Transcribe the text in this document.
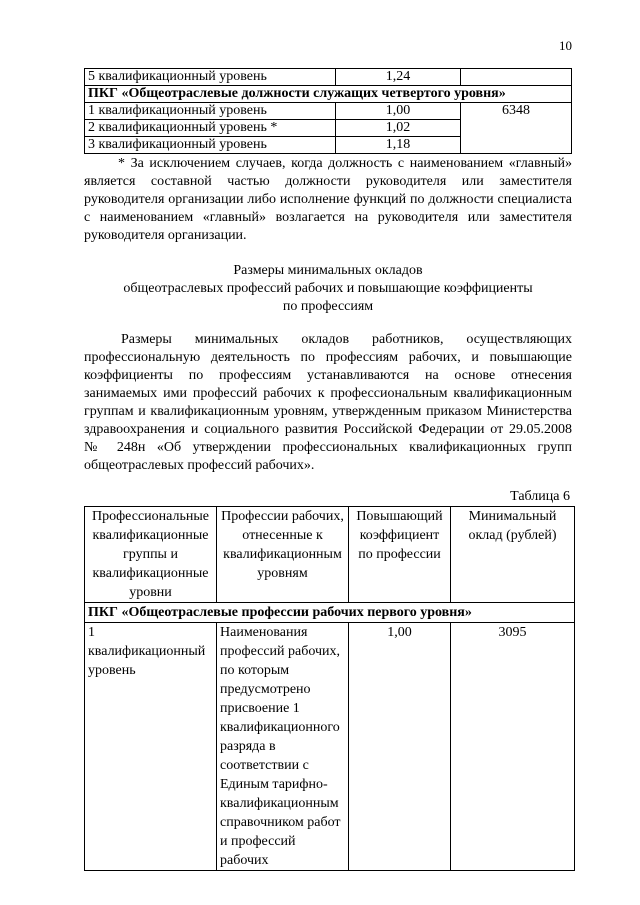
10
5 квалификационный уровень	1,24	
ПКГ «Общеотраслевые должности служащих четвертого уровня»		
1 квалификационный уровень	1,00	6348
2 квалификационный уровень *	1,02	
3 квалификационный уровень	1,18	
* За исключением случаев, когда должность с наименованием «главный» является составной частью должности руководителя или заместителя руководителя организации либо исполнение функций по должности специалиста с наименованием «главный» возлагается на руководителя или заместителя руководителя организации.
Размеры минимальных окладов
общеотраслевых профессий рабочих и повышающие коэффициенты
по профессиям
Размеры минимальных окладов работников, осуществляющих профессиональную деятельность по профессиям рабочих, и повышающие коэффициенты по профессиям устанавливаются на основе отнесения занимаемых ими профессий рабочих к профессиональным квалификационным группам и квалификационным уровням, утвержденным приказом Министерства здравоохранения и социального развития Российской Федерации от 29.05.2008 № 248н «Об утверждении профессиональных квалификационных групп общеотраслевых профессий рабочих».
Таблица 6
Профессиональные квалификационные группы и квалификационные уровни	Профессии рабочих, отнесенные к квалификационным уровням	Повышающий коэффициент по профессии	Минимальный оклад (рублей)
ПКГ «Общеотраслевые профессии рабочих первого уровня»			
1 квалификационный уровень	Наименования профессий рабочих, по которым предусмотрено присвоение 1 квалификационного разряда в соответствии с Единым тарифно-квалификационным справочником работ и профессий рабочих	1,00	3095
